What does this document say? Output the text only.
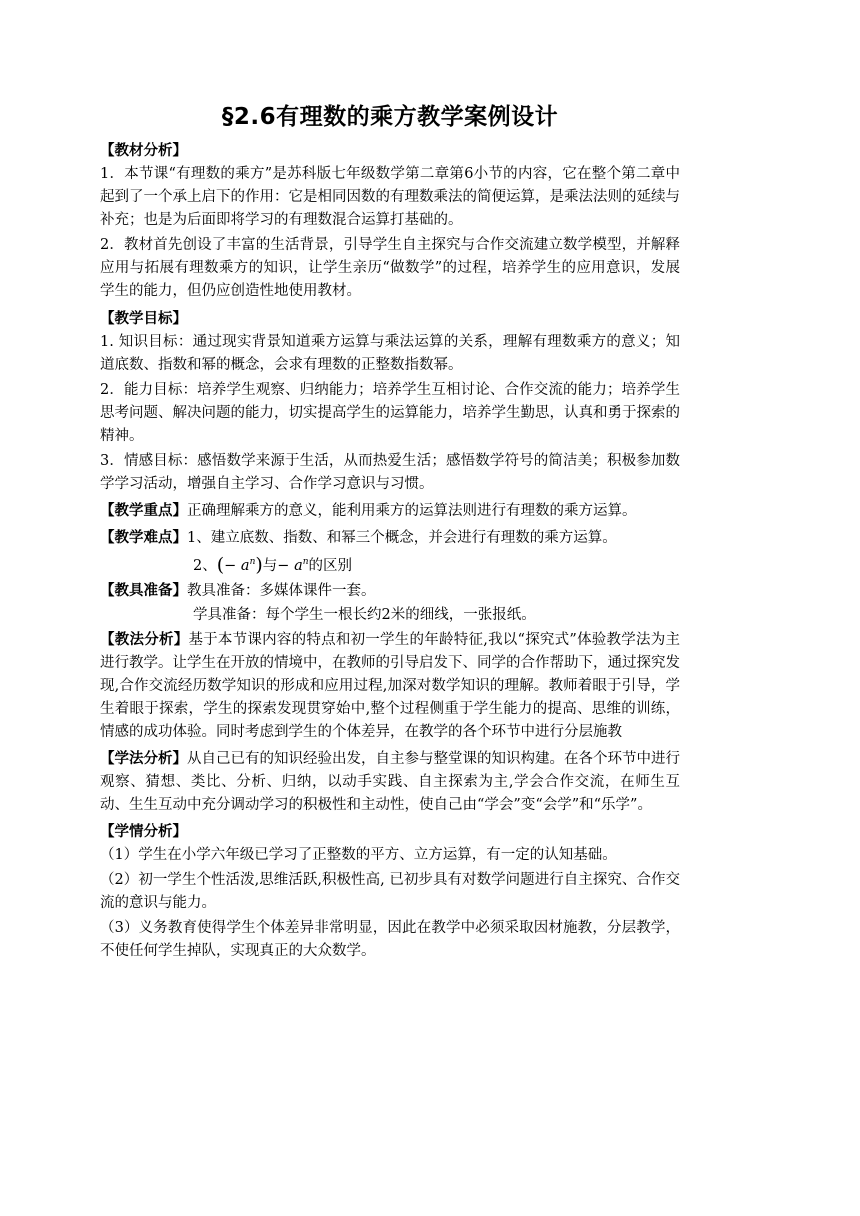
§2.6有理数的乘方教学案例设计
【教材分析】

1．本节课“有理数的乘方”是苏科版七年级数学第二章第6小节的内容，它在整个第二章中起到了一个承上启下的作用：它是相同因数的有理数乘法的简便运算，是乘法法则的延续与补充；也是为后面即将学习的有理数混合运算打基础的。

2．教材首先创设了丰富的生活背景，引导学生自主探究与合作交流建立数学模型，并解释应用与拓展有理数乘方的知识，让学生亲历“做数学”的过程，培养学生的应用意识，发展学生的能力，但仍应创造性地使用教材。

【教学目标】

1. 知识目标：通过现实背景知道乘方运算与乘法运算的关系，理解有理数乘方的意义；知道底数、指数和幂的概念，会求有理数的正整数指数幂。

2．能力目标：培养学生观察、归纳能力；培养学生互相讨论、合作交流的能力；培养学生思考问题、解决问题的能力，切实提高学生的运算能力，培养学生勤思，认真和勇于探索的精神。

3．情感目标：感悟数学来源于生活，从而热爱生活；感悟数学符号的简洁美；积极参加数学学习活动，增强自主学习、合作学习意识与习惯。

【教学重点】正确理解乘方的意义，能利用乘方的运算法则进行有理数的乘方运算。

【教学难点】1、建立底数、指数、和幂三个概念，并会进行有理数的乘方运算。

2、(− $a^n$)与− $a^n$的区别

【教具准备】教具准备：多媒体课件一套。

学具准备：每个学生一根长约2米的细线，一张报纸。

【教法分析】基于本节课内容的特点和初一学生的年龄特征,我以“探究式”体验教学法为主进行教学。让学生在开放的情境中，在教师的引导启发下、同学的合作帮助下，通过探究发现,合作交流经历数学知识的形成和应用过程,加深对数学知识的理解。教师着眼于引导，学生着眼于探索，学生的探索发现贯穿始中,整个过程侧重于学生能力的提高、思维的训练，情感的成功体验。同时考虑到学生的个体差异，在教学的各个环节中进行分层施教

【学法分析】从自己已有的知识经验出发，自主参与整堂课的知识构建。在各个环节中进行观察、猜想、类比、分析、归纳，以动手实践、自主探索为主,学会合作交流，在师生互动、生生互动中充分调动学习的积极性和主动性，使自己由“学会”变“会学”和“乐学”。

【学情分析】

（1）学生在小学六年级已学习了正整数的平方、立方运算，有一定的认知基础。

（2）初一学生个性活泼,思维活跃,积极性高, 已初步具有对数学问题进行自主探究、合作交流的意识与能力。

（3）义务教育使得学生个体差异非常明显，因此在教学中必须采取因材施教，分层教学，不使任何学生掉队，实现真正的大众数学。
